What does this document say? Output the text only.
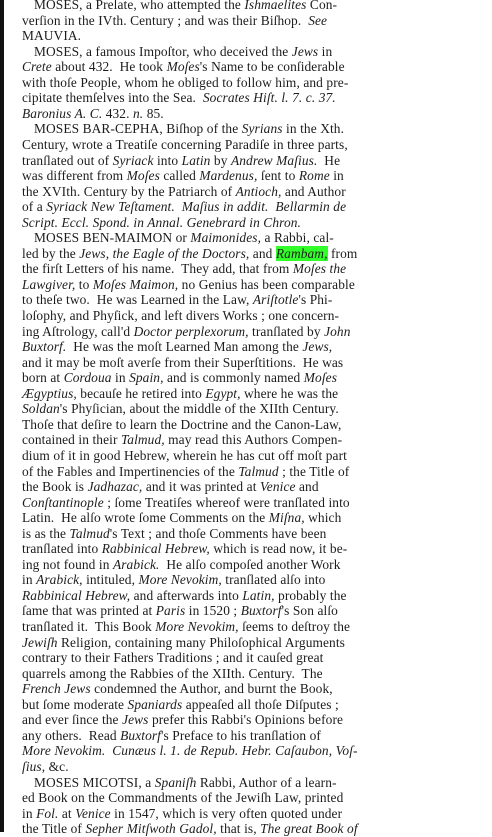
MOSES, a Prelate, who attempted the Ishmaelites Con-
verſion in the IVth. Century ; and was their Biſhop.  See
MAUVIA.
MOSES, a famous Impoſtor, who deceived the Jews in
Crete about 432.  He took Moſes's Name to be conſiderable
with thoſe People, whom he obliged to follow him, and pre-
cipitate themſelves into the Sea.  Socrates Hiſt. l. 7. c. 37.
Baronius A. C. 432. n. 85.
MOSES BAR-CEPHA, Biſhop of the Syrians in the Xth.
Century, wrote a Treatiſe concerning Paradiſe in three parts,
tranſlated out of Syriack into Latin by Andrew Maſius.  He
was different from Moſes called Mardenus, ſent to Rome in
the XVIth. Century by the Patriarch of Antioch, and Author
of a Syriack New Teſtament.  Maſius in addit.  Bellarmin de
Script. Eccl. Spond. in Annal. Genebrard in Chron.
MOSES BEN-MAIMON or Maimonides, a Rabbi, cal-
led by the Jews, the Eagle of the Doctors, and Rambam, from
the firſt Letters of his name.  They add, that from Moſes the
Lawgiver, to Moſes Maimon, no Genius has been comparable
to theſe two.  He was Learned in the Law, Ariſtotle's Phi-
loſophy, and Phyſick, and left divers Works ; one concern-
ing Aſtrology, call'd Doctor perplexorum, tranſlated by John
Buxtorf.  He was the moſt Learned Man among the Jews,
and it may be moſt averſe from their Superſtitions.  He was
born at Cordoua in Spain, and is commonly named Moſes
Ægyptius, becauſe he retired into Egypt, where he was the
Soldan's Phyſician, about the middle of the XIIth Century.
Thoſe that deſire to learn the Doctrine and the Canon-Law,
contained in their Talmud, may read this Authors Compen-
dium of it in good Hebrew, wherein he has cut off moſt part
of the Fables and Impertinencies of the Talmud ; the Title of
the Book is Jadhazac, and it was printed at Venice and
Conſtantinople ; ſome Treatiſes whereof were tranſlated into
Latin.  He alſo wrote ſome Comments on the Miſna, which
is as the Talmud's Text ; and thoſe Comments have been
tranſlated into Rabbinical Hebrew, which is read now, it be-
ing not found in Arabick.  He alſo compoſed another Work
in Arabick, intituled, More Nevokim, tranſlated alſo into
Rabbinical Hebrew, and afterwards into Latin, probably the
ſame that was printed at Paris in 1520 ; Buxtorf's Son alſo
tranſlated it.  This Book More Nevokim, ſeems to deſtroy the
Jewiſh Religion, containing many Philoſophical Arguments
contrary to their Fathers Traditions ; and it cauſed great
quarrels among the Rabbies of the XIIth. Century.  The
French Jews condemned the Author, and burnt the Book,
but ſome moderate Spaniards appeaſed all thoſe Diſputes ;
and ever ſince the Jews prefer this Rabbi's Opinions before
any others.  Read Buxtorf's Preface to his tranſlation of
More Nevokim.  Cunæus l. 1. de Repub. Hebr. Caſaubon, Voſ-
ſius, &c.
MOSES MICOTSI, a Spaniſh Rabbi, Author of a learn-
ed Book on the Commandments of the Jewiſh Law, printed
in Fol. at Venice in 1547, which is very often quoted under
the Title of Sepher Mitſwoth Gadol, that is, The great Book of
